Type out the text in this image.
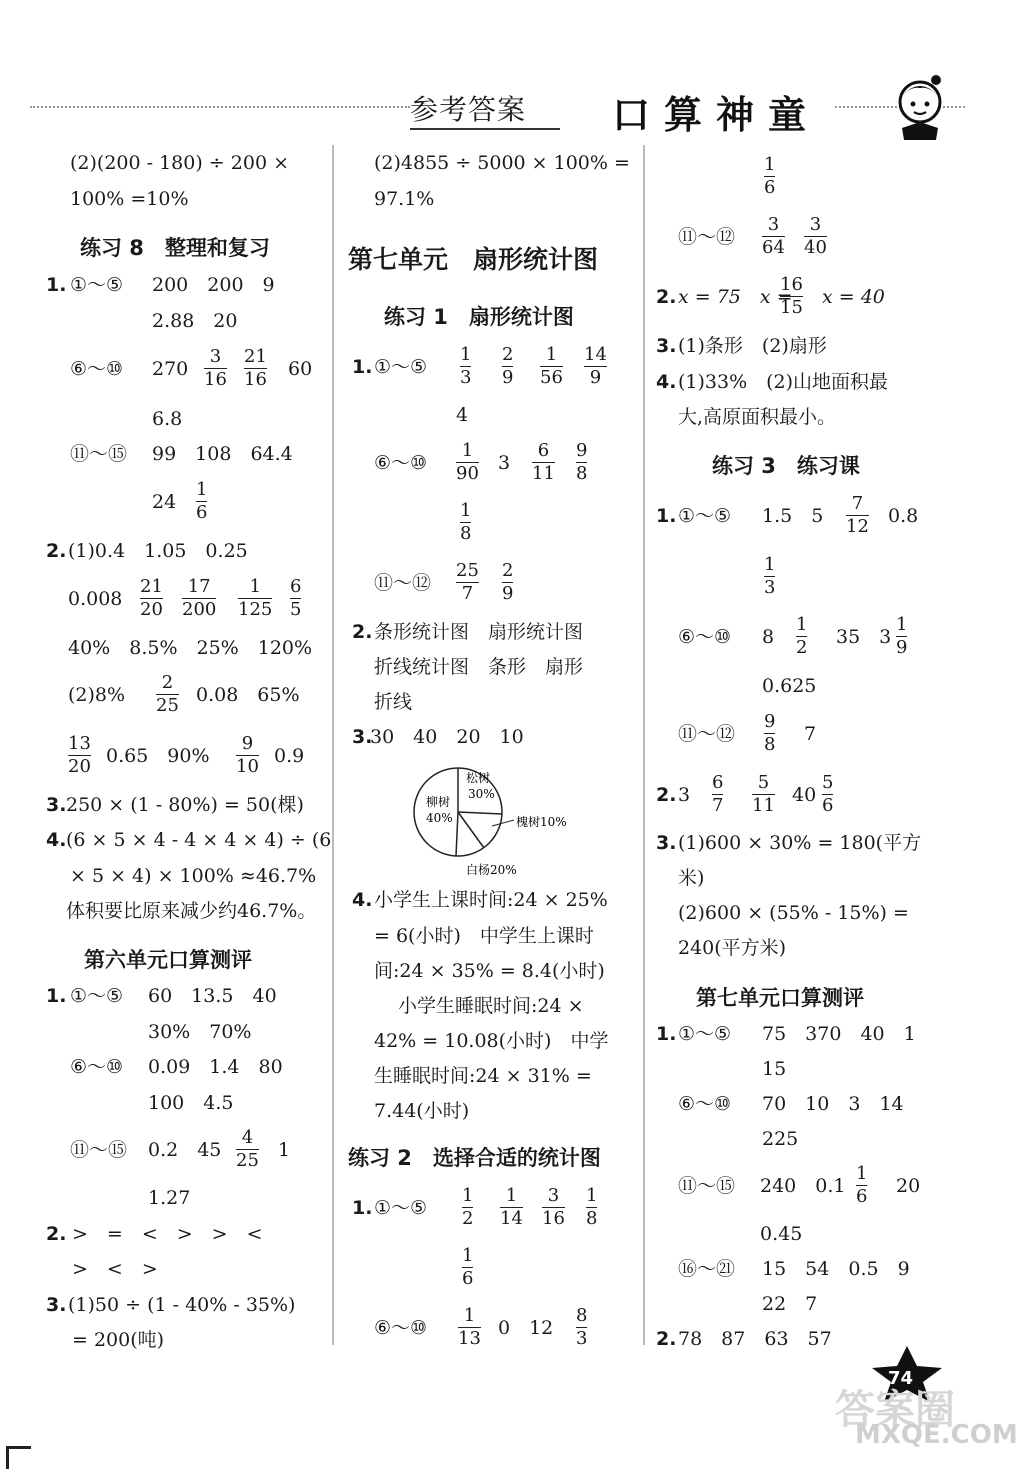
参考答案 口算神童
(2)(200 - 180) ÷ 200 ×
100% =10%
练习 8　整理和复习
1. ①～⑤ 200　200　9
2.88　20
⑥～⑩ 270
3
16
21
16 60
6.8
⑪～⑮ 99　108　64.4
24
1
6
2. (1)0.4　1.05　0.25
0.008
21
20
17
200
1
125
6
5
40%　8.5%　25%　120%
(2)8%
2
25 0.08　65%
13
20 0.65　90%
9
10 0.9
3. 250 × (1 - 80%) = 50(棵)
4. (6 × 5 × 4 - 4 × 4 × 4) ÷ (6
× 5 × 4) × 100% ≈46.7%
体积要比原来减少约46.7%。
第六单元口算测评
1. ①～⑤ 60　13.5　40
30%　70%
⑥～⑩ 0.09　1.4　80
100　4.5
⑪～⑮ 0.2　45
4
25 1
1.27
2. >　=　<　>　>　<
>　<　>
3. (1)50 ÷ (1 - 40% - 35%)
= 200(吨)
(2)4855 ÷ 5000 × 100% =
97.1%
第七单元　扇形统计图
练习 1　扇形统计图
1. ①～⑤
1
3
2
9
1
56
14
9
4
⑥～⑩
1
90 3
6
11
9
8
1
8
⑪～⑫
25
7
2
9
2. 条形统计图　扇形统计图
折线统计图　条形　扇形
折线
3.
30　40　20　10
松树
30%
柳树
40%	槐树10%
白杨20%
4. 小学生上课时间:24 × 25%
= 6(小时)　中学生上课时
间:24 × 35% = 8.4(小时)
小学生睡眠时间:24 ×
42% = 10.08(小时)　中学
生睡眠时间:24 × 31% =
7.44(小时)
练习 2　选择合适的统计图
1. ①～⑤
1
2
1
14
3
16
1
8
1
6
⑥～⑩
1
13 0　12
8
3
1
6
⑪～⑫
3
64
3
40
2. x = 75　x =
16
15 x = 40
3. (1)条形　(2)扇形
4. (1)33%　(2)山地面积最
大,高原面积最小。
练习 3　练习课
1. ①～⑤ 1.5　5
7
12 0.8
1
3
⑥～⑩ 8
1
2 35　3
1
9
0.625
⑪～⑫
9
8 7
2. 3
6
7
5
11 40
5
6
3. (1)600 × 30% = 180(平方
米)
(2)600 × (55% - 15%) =
240(平方米)
第七单元口算测评
1. ①～⑤ 75　370　40　1
15
⑥～⑩ 70　10　3　14
225
⑪～⑮ 240　0.1
1
6 20
0.45
⑯～㉑ 15　54　0.5　9
22　7
2. 78　87　63　57
74
答案圈
MXQE.COM
